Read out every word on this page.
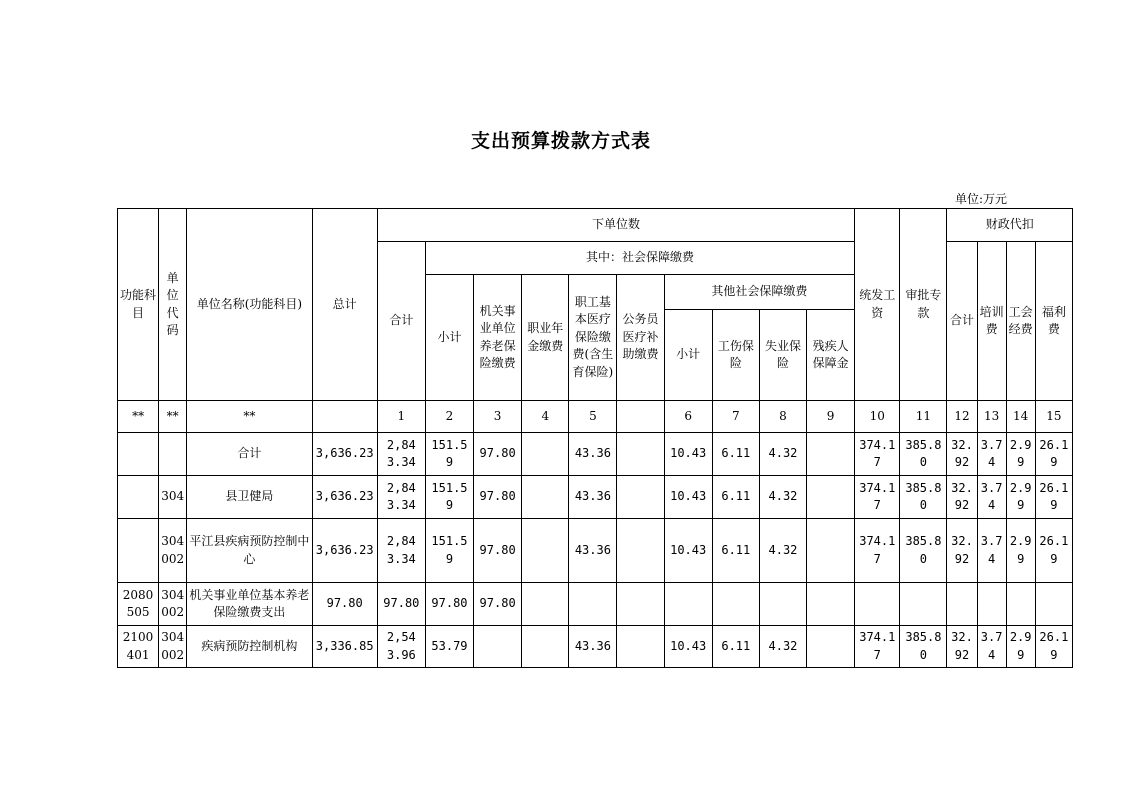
支出预算拨款方式表
单位:万元
功能科目	单位代码	单位名称(功能科目)	总计	下单位数										统发工资	审批专款	财政代扣			
				合计	其中：社会保障缴费											合计	培训费	工会经费	福利费
					小计	机关事业单位养老保险缴费	职业年金缴费	职工基本医疗保险缴费(含生育保险)	公务员医疗补助缴费	其他社会保障缴费									
										小计	工伤保险	失业保险	残疾人保障金						
**	**	**		1	2	3	4	5		6	7	8	9	10	11	12	13	14	15
		合计	3,636.23	2,843.34	151.59	97.80		43.36		10.43	6.11	4.32		374.17	385.80	32.92	3.74	2.99	26.19
	304	县卫健局	3,636.23	2,843.34	151.59	97.80		43.36		10.43	6.11	4.32		374.17	385.80	32.92	3.74	2.99	26.19
	304002	平江县疾病预防控制中心	3,636.23	2,843.34	151.59	97.80		43.36		10.43	6.11	4.32		374.17	385.80	32.92	3.74	2.99	26.19
2080505	304002	机关事业单位基本养老保险缴费支出	97.80	97.80	97.80	97.80													
2100401	304002	疾病预防控制机构	3,336.85	2,543.96	53.79			43.36		10.43	6.11	4.32		374.17	385.80	32.92	3.74	2.99	26.19
